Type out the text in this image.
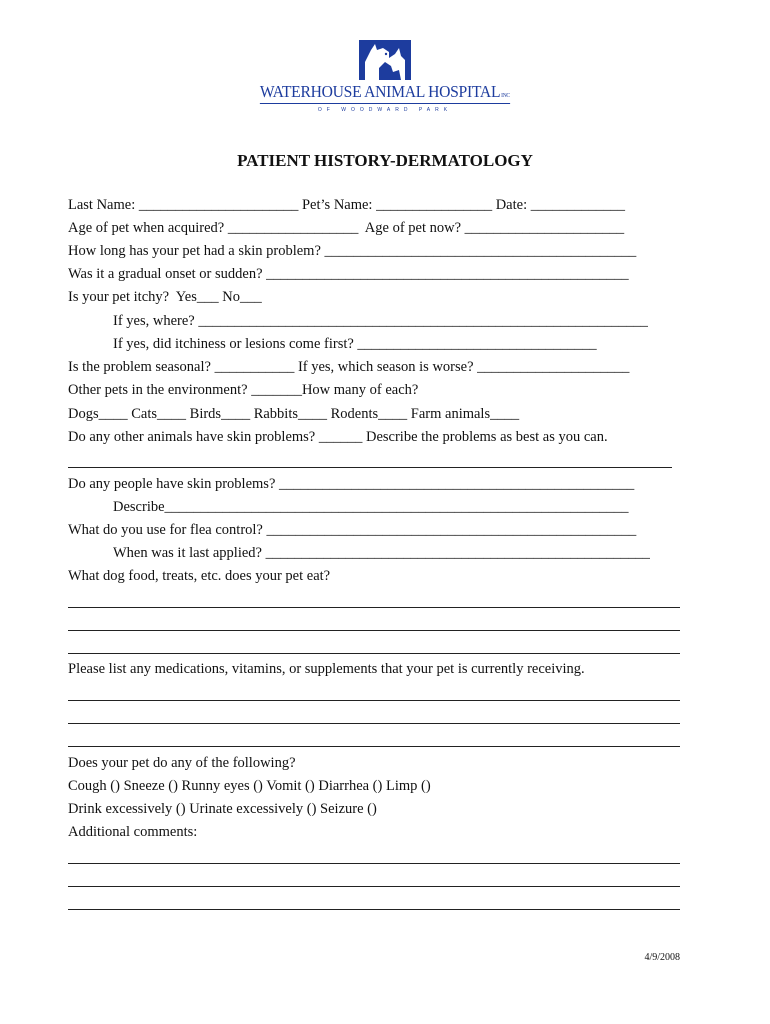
WATERHOUSE ANIMAL HOSPITALINC
OF WOODWARD PARK
PATIENT HISTORY-DERMATOLOGY
Last Name: ______________________ Pet’s Name: ________________ Date: _____________
Age of pet when acquired? __________________  Age of pet now? ______________________
How long has your pet had a skin problem? ___________________________________________
Was it a gradual onset or sudden? __________________________________________________
Is your pet itchy?  Yes___ No___
If yes, where? ______________________________________________________________
If yes, did itchiness or lesions come first? _________________________________
Is the problem seasonal? ___________ If yes, which season is worse? _____________________
Other pets in the environment? _______How many of each?
Dogs____ Cats____ Birds____ Rabbits____ Rodents____ Farm animals____
Do any other animals have skin problems? ______ Describe the problems as best as you can.
Do any people have skin problems? _________________________________________________
Describe________________________________________________________________
What do you use for flea control? ___________________________________________________
When was it last applied? _____________________________________________________
What dog food, treats, etc. does your pet eat?
Please list any medications, vitamins, or supplements that your pet is currently receiving.
Does your pet do any of the following?
Cough () Sneeze () Runny eyes () Vomit () Diarrhea () Limp ()
Drink excessively () Urinate excessively () Seizure ()
Additional comments:
4/9/2008
